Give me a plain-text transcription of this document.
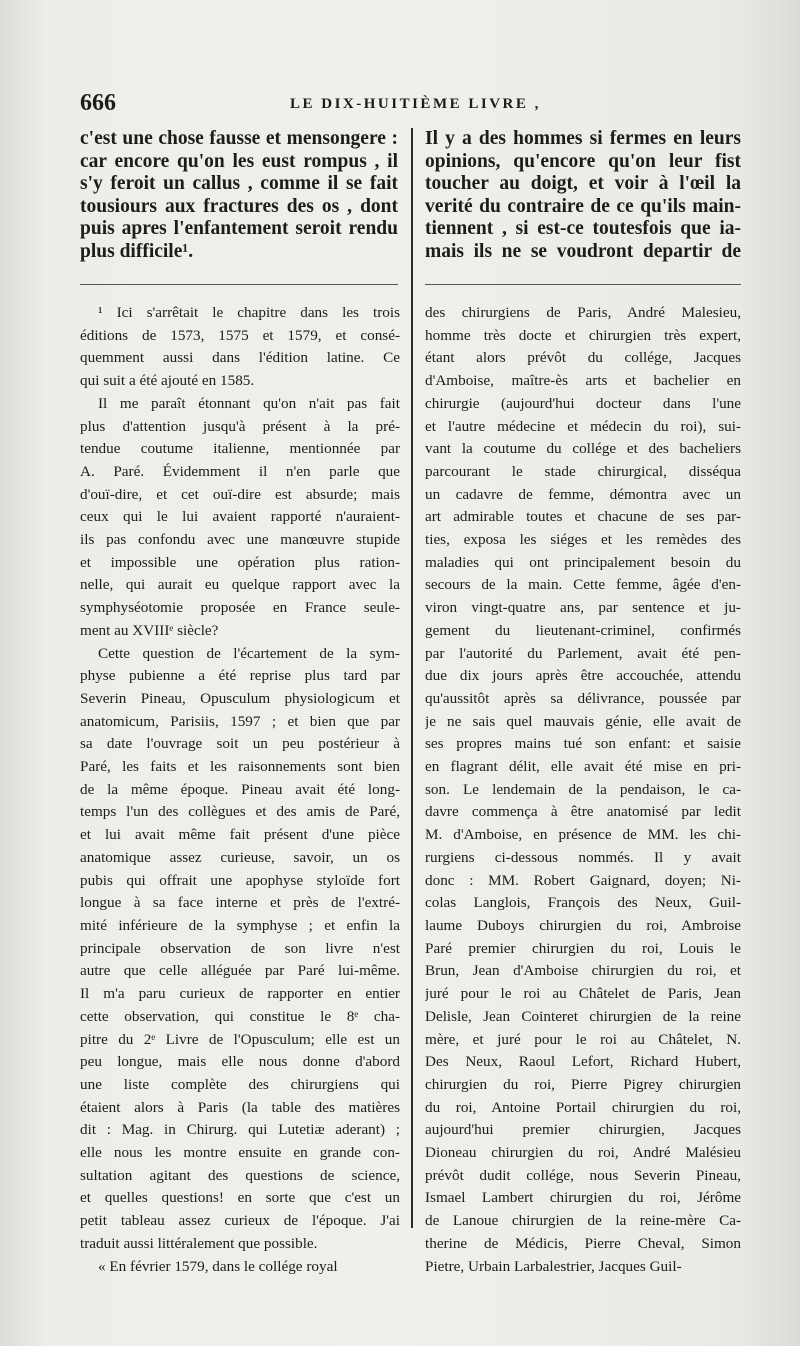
666	LE DIX-HUITIÈME LIVRE ,
c'est une chose fausse et mensongere :
car encore qu'on les eust rompus , il
s'y feroit un callus , comme il se fait
tousiours aux fractures des os , dont
puis apres l'enfantement seroit rendu
plus difficile¹.
¹ Ici s'arrêtait le chapitre dans les trois
éditions de 1573, 1575 et 1579, et consé-
quemment aussi dans l'édition latine. Ce
qui suit a été ajouté en 1585.
Il me paraît étonnant qu'on n'ait pas fait
plus d'attention jusqu'à présent à la pré-
tendue coutume italienne, mentionnée par
A. Paré. Évidemment il n'en parle que
d'ouï-dire, et cet ouï-dire est absurde; mais
ceux qui le lui avaient rapporté n'auraient-
ils pas confondu avec une manœuvre stupide
et impossible une opération plus ration-
nelle, qui aurait eu quelque rapport avec la
symphyséotomie proposée en France seule-
ment au XVIIIᵉ siècle?
Cette question de l'écartement de la sym-
physe pubienne a été reprise plus tard par
Severin Pineau, Opusculum physiologicum et
anatomicum, Parisiis, 1597 ; et bien que par
sa date l'ouvrage soit un peu postérieur à
Paré, les faits et les raisonnements sont bien
de la même époque. Pineau avait été long-
temps l'un des collègues et des amis de Paré,
et lui avait même fait présent d'une pièce
anatomique assez curieuse, savoir, un os
pubis qui offrait une apophyse styloïde fort
longue à sa face interne et près de l'extré-
mité inférieure de la symphyse ; et enfin la
principale observation de son livre n'est
autre que celle alléguée par Paré lui-même.
Il m'a paru curieux de rapporter en entier
cette observation, qui constitue le 8ᵉ cha-
pitre du 2ᵉ Livre de l'Opusculum; elle est un
peu longue, mais elle nous donne d'abord
une liste complète des chirurgiens qui
étaient alors à Paris (la table des matières
dit : Mag. in Chirurg. qui Lutetiæ aderant) ;
elle nous les montre ensuite en grande con-
sultation agitant des questions de science,
et quelles questions! en sorte que c'est un
petit tableau assez curieux de l'époque. J'ai
traduit aussi littéralement que possible.
« En février 1579, dans le collége royal
Il y a des hommes si fermes en leurs
opinions, qu'encore qu'on leur fist
toucher au doigt, et voir à l'œil la
verité du contraire de ce qu'ils main-
tiennent , si est-ce toutesfois que ia-
mais ils ne se voudront departir de
des chirurgiens de Paris, André Malesieu,
homme très docte et chirurgien très expert,
étant alors prévôt du collége, Jacques
d'Amboise, maître-ès arts et bachelier en
chirurgie (aujourd'hui docteur dans l'une
et l'autre médecine et médecin du roi), sui-
vant la coutume du collége et des bacheliers
parcourant le stade chirurgical, disséqua
un cadavre de femme, démontra avec un
art admirable toutes et chacune de ses par-
ties, exposa les siéges et les remèdes des
maladies qui ont principalement besoin du
secours de la main. Cette femme, âgée d'en-
viron vingt-quatre ans, par sentence et ju-
gement du lieutenant-criminel, confirmés
par l'autorité du Parlement, avait été pen-
due dix jours après être accouchée, attendu
qu'aussitôt après sa délivrance, poussée par
je ne sais quel mauvais génie, elle avait de
ses propres mains tué son enfant: et saisie
en flagrant délit, elle avait été mise en pri-
son. Le lendemain de la pendaison, le ca-
davre commença à être anatomisé par ledit
M. d'Amboise, en présence de MM. les chi-
rurgiens ci-dessous nommés. Il y avait
donc : MM. Robert Gaignard, doyen; Ni-
colas Langlois, François des Neux, Guil-
laume Duboys chirurgien du roi, Ambroise
Paré premier chirurgien du roi, Louis le
Brun, Jean d'Amboise chirurgien du roi, et
juré pour le roi au Châtelet de Paris, Jean
Delisle, Jean Cointeret chirurgien de la reine
mère, et juré pour le roi au Châtelet, N.
Des Neux, Raoul Lefort, Richard Hubert,
chirurgien du roi, Pierre Pigrey chirurgien
du roi, Antoine Portail chirurgien du roi,
aujourd'hui premier chirurgien, Jacques
Dioneau chirurgien du roi, André Malésieu
prévôt dudit collége, nous Severin Pineau,
Ismael Lambert chirurgien du roi, Jérôme
de Lanoue chirurgien de la reine-mère Ca-
therine de Médicis, Pierre Cheval, Simon
Pietre, Urbain Larbalestrier, Jacques Guil-
